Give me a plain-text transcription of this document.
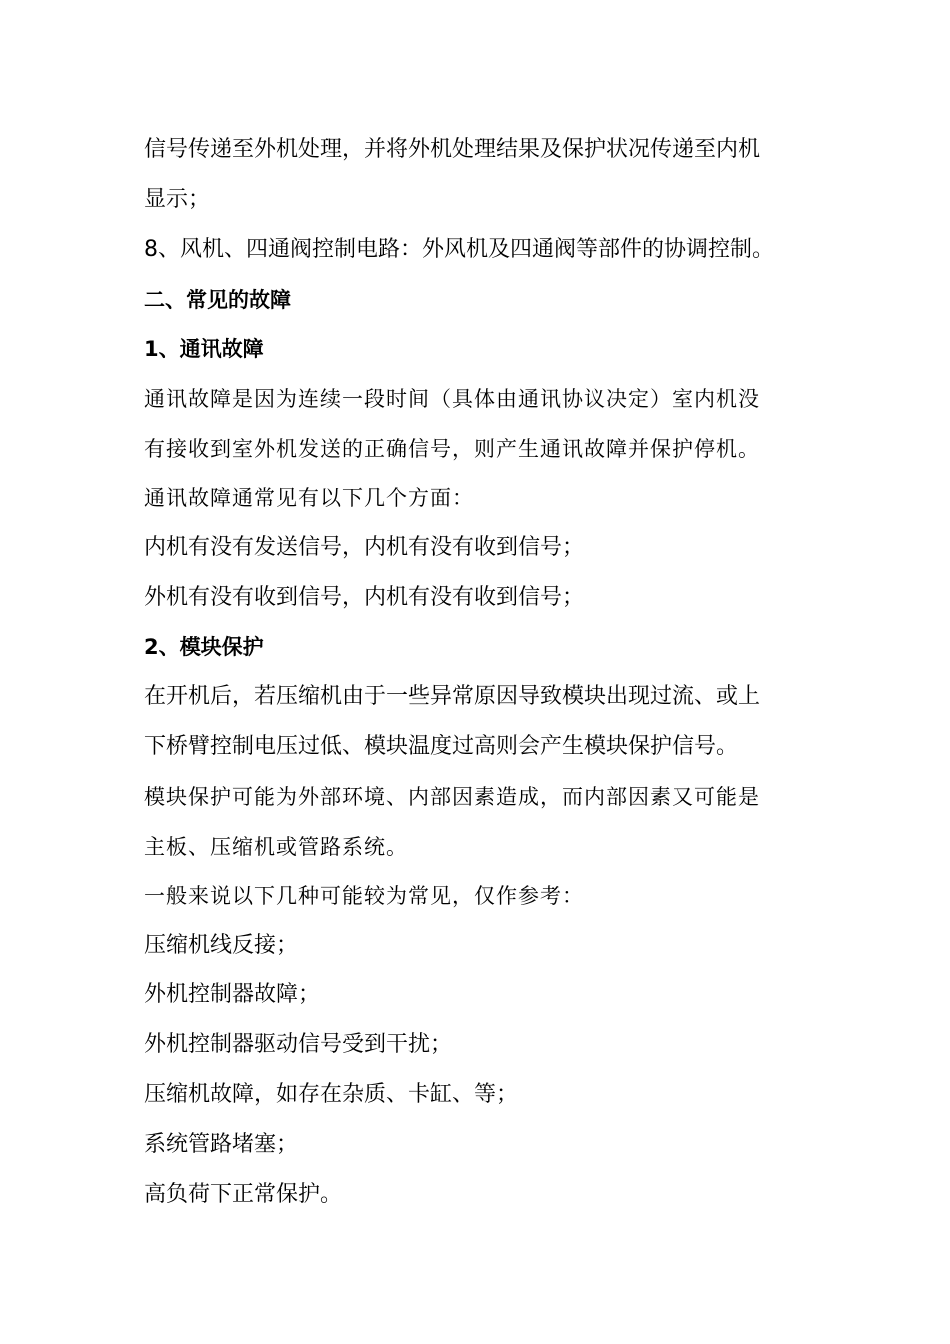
信号传递至外机处理，并将外机处理结果及保护状况传递至内机

显示；

8、风机、四通阀控制电路：外风机及四通阀等部件的协调控制。

二、常见的故障

1、通讯故障

通讯故障是因为连续一段时间（具体由通讯协议决定）室内机没

有接收到室外机发送的正确信号，则产生通讯故障并保护停机。

通讯故障通常见有以下几个方面：

内机有没有发送信号，内机有没有收到信号；

外机有没有收到信号，内机有没有收到信号；

2、模块保护

在开机后，若压缩机由于一些异常原因导致模块出现过流、或上

下桥臂控制电压过低、模块温度过高则会产生模块保护信号。

模块保护可能为外部环境、内部因素造成，而内部因素又可能是

主板、压缩机或管路系统。

一般来说以下几种可能较为常见，仅作参考：

压缩机线反接；

外机控制器故障；

外机控制器驱动信号受到干扰；

压缩机故障，如存在杂质、卡缸、等；

系统管路堵塞；

高负荷下正常保护。
